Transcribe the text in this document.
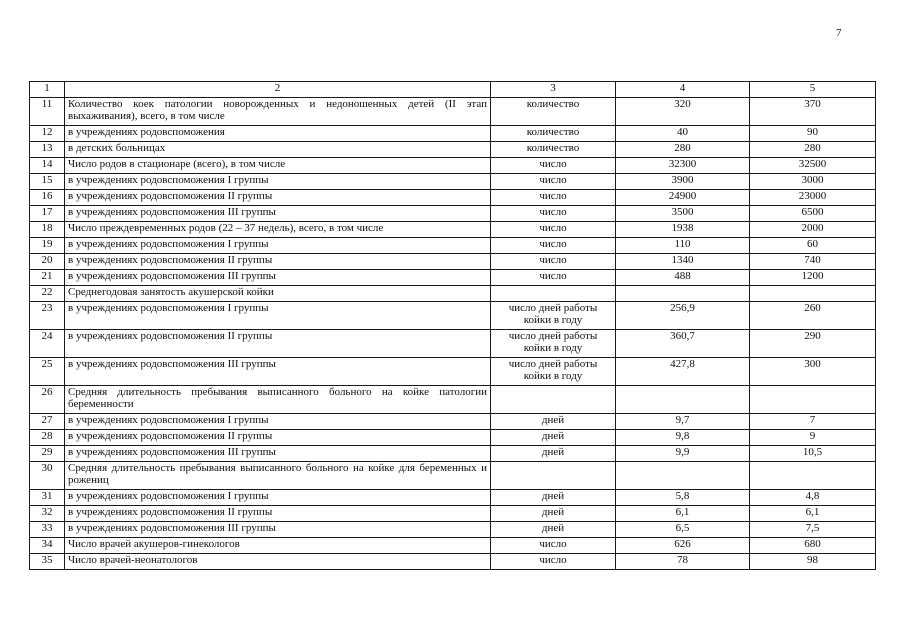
7
1	2	3	4	5
11	Количество коек патологии новорожденных и недоношенных детей (II этап выхаживания), всего, в том числе	количество	320	370
12	в учреждениях родовспоможения	количество	40	90
13	в детских больницах	количество	280	280
14	Число родов в стационаре (всего), в том числе	число	32300	32500
15	в учреждениях родовспоможения I группы	число	3900	3000
16	в учреждениях родовспоможения II группы	число	24900	23000
17	в учреждениях родовспоможения III группы	число	3500	6500
18	Число преждевременных родов (22 – 37 недель), всего, в том числе	число	1938	2000
19	в учреждениях родовспоможения I группы	число	110	60
20	в учреждениях родовспоможения II группы	число	1340	740
21	в учреждениях родовспоможения III группы	число	488	1200
22	Среднегодовая занятость акушерской койки			
23	в учреждениях родовспоможения I группы	число дней работы койки в году	256,9	260
24	в учреждениях родовспоможения II группы	число дней работы койки в году	360,7	290
25	в учреждениях родовспоможения III группы	число дней работы койки в году	427,8	300
26	Средняя длительность пребывания выписанного больного на койке патологии беременности			
27	в учреждениях родовспоможения I группы	дней	9,7	7
28	в учреждениях родовспоможения II группы	дней	9,8	9
29	в учреждениях родовспоможения III группы	дней	9,9	10,5
30	Средняя длительность пребывания выписанного больного на койке для беременных и рожениц			
31	в учреждениях родовспоможения I группы	дней	5,8	4,8
32	в учреждениях родовспоможения II группы	дней	6,1	6,1
33	в учреждениях родовспоможения III группы	дней	6,5	7,5
34	Число врачей акушеров-гинекологов	число	626	680
35	Число врачей-неонатологов	число	78	98
